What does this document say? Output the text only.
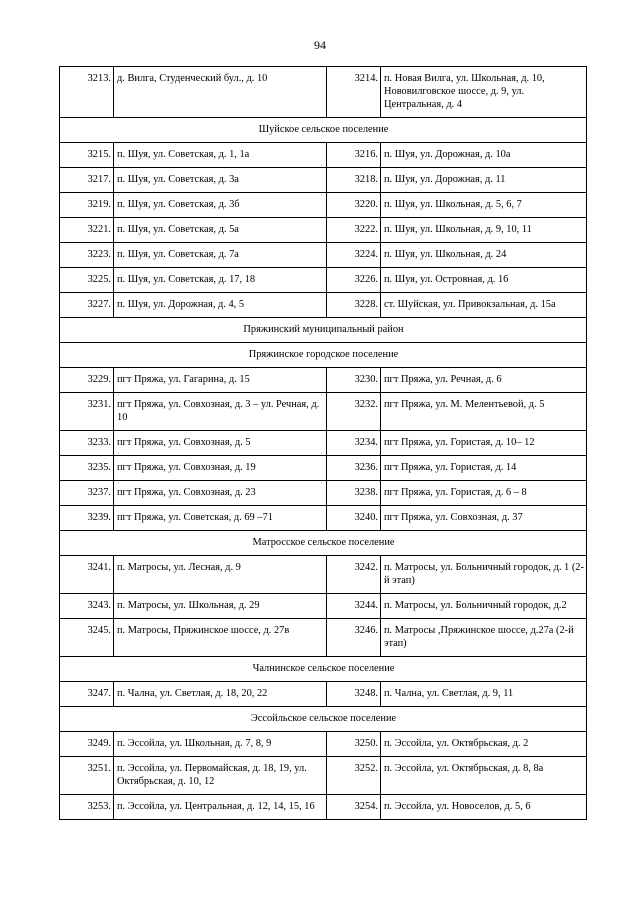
94
3213.	д. Вилга, Студенческий бул., д. 10	3214.	п. Новая Вилга, ул. Школьная, д. 10, Нововилговское шоссе, д. 9, ул. Центральная, д. 4
Шуйское сельское поселение			
3215.	п. Шуя, ул. Советская, д. 1, 1а	3216.	п. Шуя, ул. Дорожная, д. 10а
3217.	п. Шуя, ул. Советская, д. 3а	3218.	п. Шуя, ул. Дорожная, д. 11
3219.	п. Шуя, ул. Советская, д. 3б	3220.	п. Шуя, ул. Школьная, д. 5, 6, 7
3221.	п. Шуя, ул. Советская, д. 5а	3222.	п. Шуя, ул. Школьная, д. 9, 10, 11
3223.	п. Шуя, ул. Советская, д. 7а	3224.	п. Шуя, ул. Школьная, д. 24
3225.	п. Шуя, ул. Советская, д. 17, 18	3226.	п. Шуя, ул. Островная, д. 16
3227.	п. Шуя, ул. Дорожная, д. 4, 5	3228.	ст. Шуйская, ул. Привокзальная, д. 15а
Пряжинский муниципальный район			
Пряжинское городское поселение			
3229.	пгт Пряжа, ул. Гагарина, д. 15	3230.	пгт Пряжа, ул. Речная, д. 6
3231.	пгт Пряжа, ул. Совхозная, д. 3 – ул. Речная, д. 10	3232.	пгт Пряжа, ул. М. Мелентьевой, д. 5
3233.	пгт Пряжа, ул. Совхозная, д. 5	3234.	пгт Пряжа, ул. Гористая, д. 10– 12
3235.	пгт Пряжа, ул. Совхозная, д. 19	3236.	пгт Пряжа, ул. Гористая, д. 14
3237.	пгт Пряжа, ул. Совхозная, д. 23	3238.	пгт Пряжа, ул. Гористая, д. 6 – 8
3239.	пгт Пряжа, ул. Советская, д. 69 –71	3240.	пгт Пряжа, ул. Совхозная, д. 37
Матросское сельское поселение			
3241.	п. Матросы, ул. Лесная, д. 9	3242.	п. Матросы, ул. Больничный городок, д. 1 (2-й этап)
3243.	п. Матросы, ул. Школьная, д. 29	3244.	п. Матросы, ул. Больничный городок, д.2
3245.	п. Матросы, Пряжинское шоссе, д. 27в	3246.	п. Матросы ,Пряжинское шоссе, д.27а (2-й этап)
Чалнинское сельское поселение			
3247.	п. Чална, ул. Светлая, д. 18, 20, 22	3248.	п. Чална, ул. Светлая, д. 9, 11
Эссойльское сельское поселение			
3249.	п. Эссойла, ул. Школьная, д. 7, 8, 9	3250.	п. Эссойла, ул. Октябрьская, д. 2
3251.	п. Эссойла, ул. Первомайская, д. 18, 19, ул. Октябрьская, д. 10, 12	3252.	п. Эссойла, ул. Октябрьская, д. 8, 8а
3253.	п. Эссойла, ул. Центральная, д. 12, 14, 15, 16	3254.	п. Эссойла, ул. Новоселов, д. 5, 6
